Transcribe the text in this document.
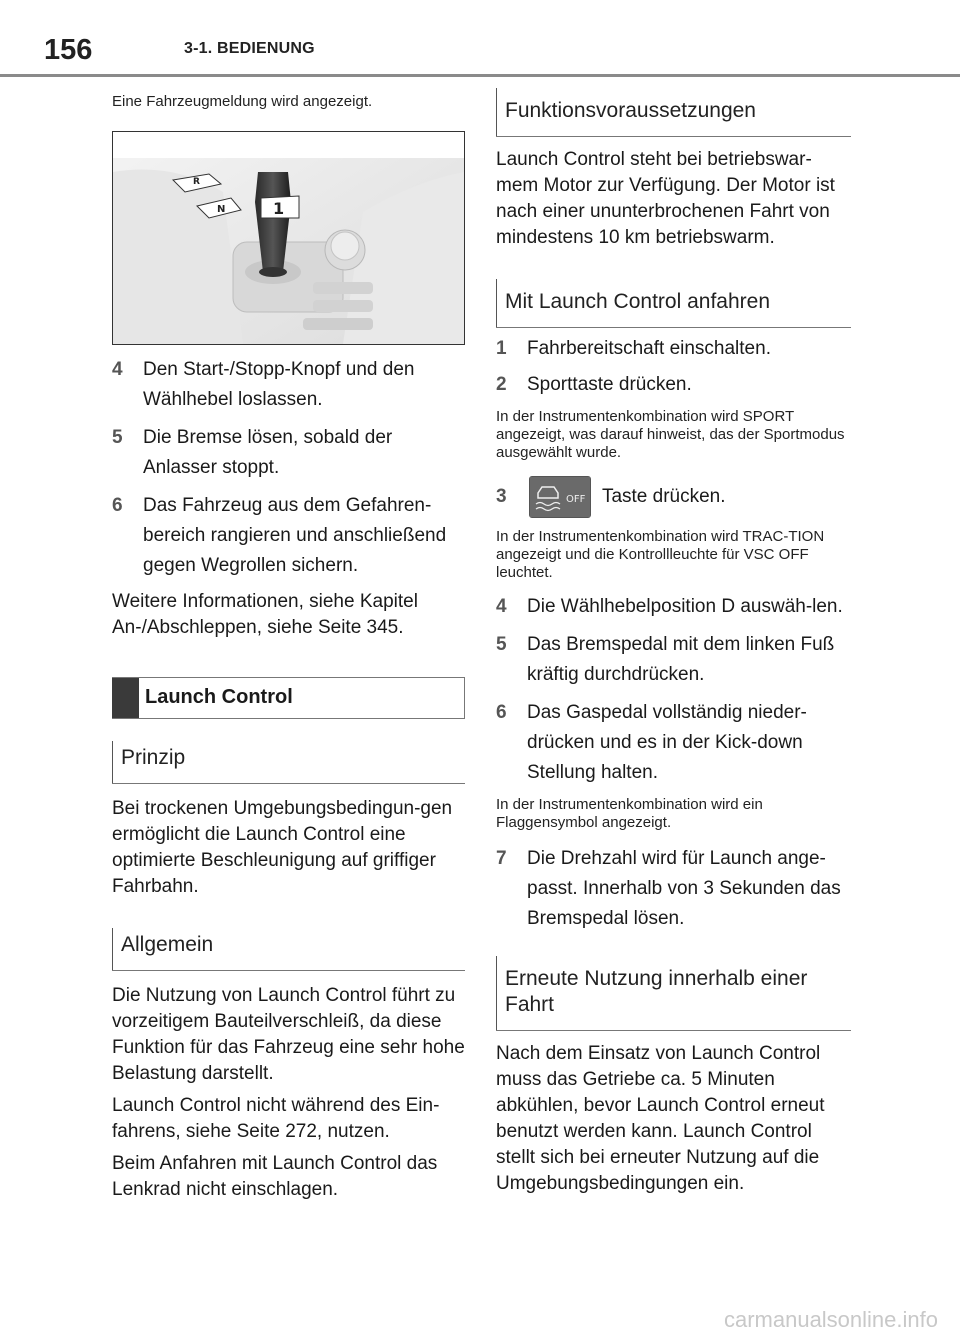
156	3-1. BEDIENUNG

Eine Fahrzeugmeldung wird angezeigt.

R
N	1
4	Den Start-/Stopp-Knopf und den Wählhebel loslassen.
5	Die Bremse lösen, sobald der Anlasser stoppt.
6	Das Fahrzeug aus dem Gefahren-bereich rangieren und anschließend gegen Wegrollen sichern.

Weitere Informationen, siehe Kapitel An-/Abschleppen, siehe Seite 345.

Launch Control
Prinzip

Bei trockenen Umgebungsbedingun-gen ermöglicht die Launch Control eine optimierte Beschleunigung auf griffiger Fahrbahn.

Allgemein

Die Nutzung von Launch Control führt zu vorzeitigem Bauteilverschleiß, da diese Funktion für das Fahrzeug eine sehr hohe Belastung darstellt.

Launch Control nicht während des Ein-fahrens, siehe Seite 272, nutzen.

Beim Anfahren mit Launch Control das Lenkrad nicht einschlagen.

Funktionsvoraussetzungen

Launch Control steht bei betriebswar-mem Motor zur Verfügung. Der Motor ist nach einer ununterbrochenen Fahrt von mindestens 10 km betriebswarm.

Mit Launch Control anfahren
1	Fahrbereitschaft einschalten.
2	Sporttaste drücken.

In der Instrumentenkombination wird SPORT angezeigt, was darauf hinweist, das der Sportmodus ausgewählt wurde.

3	OFF Taste drücken.

In der Instrumentenkombination wird TRAC-TION angezeigt und die Kontrollleuchte für VSC OFF leuchtet.

4	Die Wählhebelposition D auswäh-len.
5	Das Bremspedal mit dem linken Fuß kräftig durchdrücken.
6	Das Gaspedal vollständig nieder-drücken und es in der Kick-down Stellung halten.

In der Instrumentenkombination wird ein Flaggensymbol angezeigt.

7	Die Drehzahl wird für Launch ange-passt. Innerhalb von 3 Sekunden das Bremspedal lösen.
Erneute Nutzung innerhalb einer Fahrt

Nach dem Einsatz von Launch Control muss das Getriebe ca. 5 Minuten abkühlen, bevor Launch Control erneut benutzt werden kann. Launch Control stellt sich bei erneuter Nutzung auf die Umgebungsbedingungen ein.

carmanualsonline.info
